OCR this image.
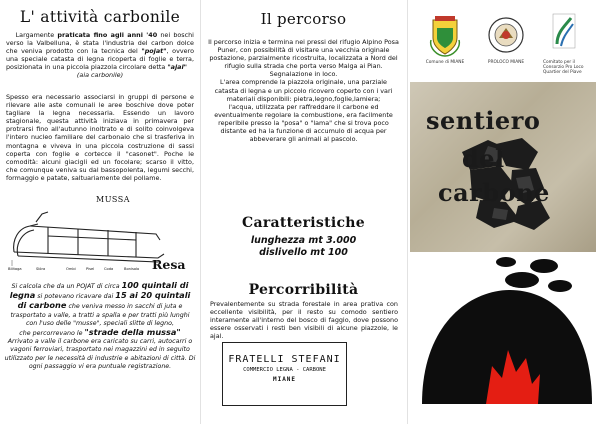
L' attività carbonile

Largamente praticata fino agli anni '40 nei boschi verso la Valbelluna, è stata l'industria del carbon dolce che veniva prodotto con la tecnica del "pojat", ovvero una speciale catasta di legna ricoperta di foglie e terra, posizionata in una piccola piazzola circolare detta "ajal"

(aia carbonile)

Spesso era necessario associarsi in gruppi di persone e rilevare alle aste comunali le aree boschive dove poter tagliare la legna necessaria. Essendo un lavoro stagionale, questa attività iniziava in primavera per protrarsi fino all'autunno inoltrato e di solito coinvolgeva l'intero nucleo familiare del carbonaio che si trasferiva in montagna e viveva in una piccola costruzione di sassi coperta con foglie e cortecce il "casonet". Poche le comodità: alcuni giacigli ed un focolare; scarso il vitto, che comunque veniva su dal bassopolenta, legumi secchi, formaggio e patate, saltuariamente del pollame.
MUSSA
Bilitaga	Slòra	Ombi	Pisel	Coda	Bonisolo Resa
Si calcola che da un POJAT di circa 100 quintali di legna si potevano ricavare dai 15 ai 20 quintali di carbone che veniva messo in sacchi di juta e trasportato a valle, a tratti a spalla e per tratti più lunghi con l'uso delle "musse", speciali slitte di legno,
che percorrevano le "strade della mussa"
Arrivato a valle il carbone era caricato su carri, autocarri o vagoni ferroviari, trasportato nei magazzini ed in seguito utilizzato per le necessità di industrie e abitazioni di città. Di ogni passaggio vi era puntuale registrazione.
Il percorso

Il percorso inizia e termina nei pressi del rifugio Alpino Posa Puner, con possibilità di visitare una vecchia originale postazione, parzialmente ricostruita, localizzata a Nord del rifugio sulla strada che porta verso Malga ai Pian. Segnalazione in loco.

L'area comprende la piazzola originale, una parziale catasta di legna e un piccolo ricovero coperto con i vari materiali disponibili: pietra,legno,foglie,lamiera;

l'acqua, utilizzata per raffreddare il carbone ed eventualmente regolare la combustione, era facilmente reperibile presso la "posa" o "lama" che si trova poco distante ed ha la funzione di accumulo di acqua per abbeverare gli animali al pascolo.

Caratteristiche
lunghezza mt 3.000
dislivello mt 100
Percorribilità
Prevalentemente su strada forestale in area prativa con eccellente visibilità, per il resto su comodo sentiero interamente all'interno del bosco di faggio, dove possono essere osservati i resti ben visibili di alcune piazzole, le ajal.
FRATELLI STEFANI
COMMERCIO LEGNA - CARBONE
MIANE
Comune di MIANE	PROLOCO MIANE	Comitato per il Consorzio Pro Loco Quartier del Piave
sentiero
del
carbone
